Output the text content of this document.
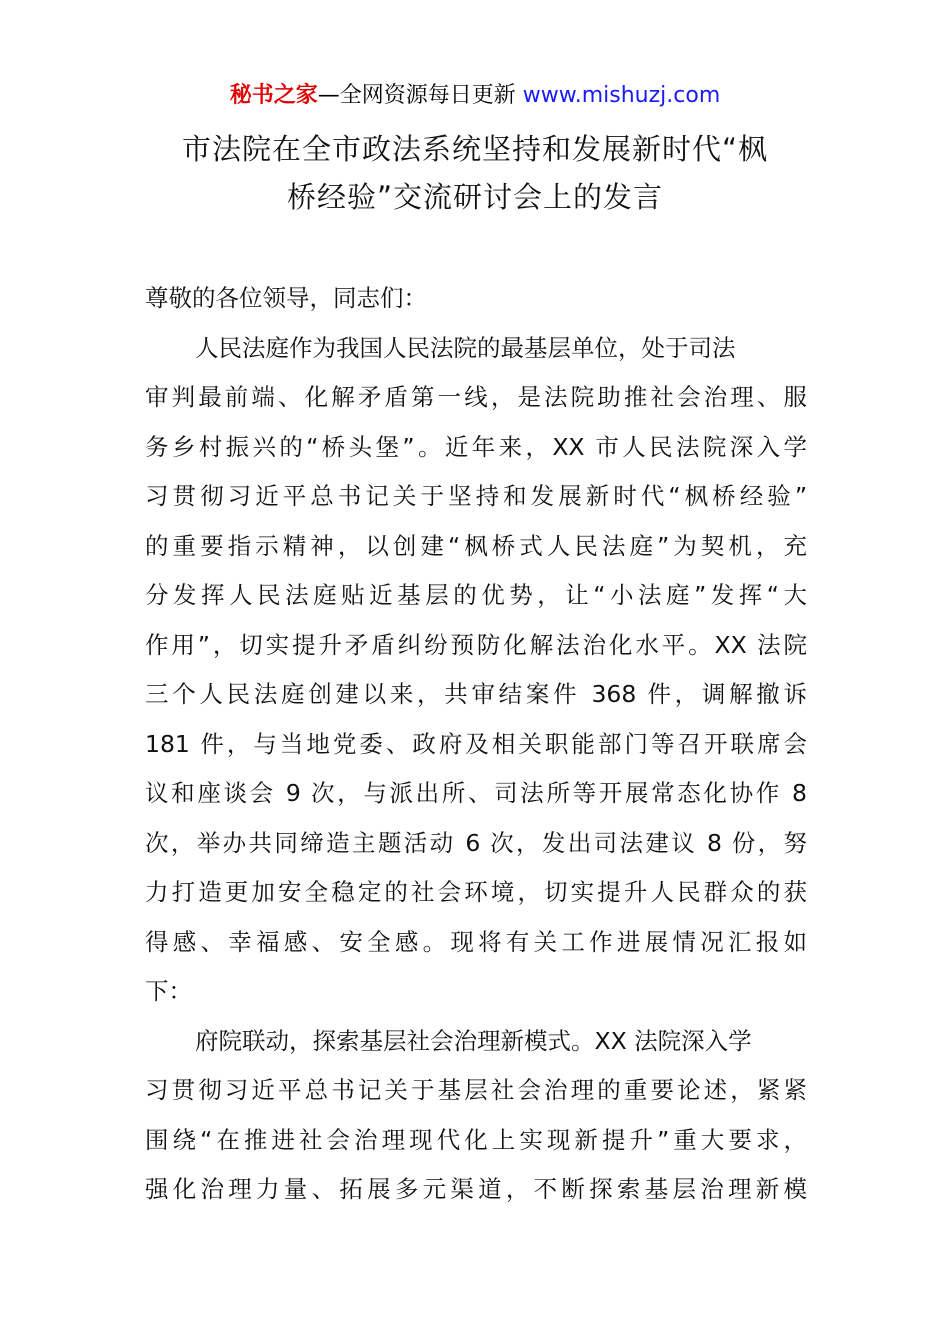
秘书之家—全网资源每日更新 www.mishuzj.com
市法院在全市政法系统坚持和发展新时代“枫
桥经验”交流研讨会上的发言
尊敬的各位领导，同志们：
人民法庭作为我国人民法院的最基层单位，处于司法
审判最前端、化解矛盾第一线，是法院助推社会治理、服
务乡村振兴的“桥头堡”。近年来，XX 市人民法院深入学
习贯彻习近平总书记关于坚持和发展新时代“枫桥经验”
的重要指示精神，以创建“枫桥式人民法庭”为契机，充
分发挥人民法庭贴近基层的优势，让“小法庭”发挥“大
作用”，切实提升矛盾纠纷预防化解法治化水平。XX 法院
三个人民法庭创建以来，共审结案件 368 件，调解撤诉
181 件，与当地党委、政府及相关职能部门等召开联席会
议和座谈会 9 次，与派出所、司法所等开展常态化协作 8
次，举办共同缔造主题活动 6 次，发出司法建议 8 份，努
力打造更加安全稳定的社会环境，切实提升人民群众的获
得感、幸福感、安全感。现将有关工作进展情况汇报如
下：
府院联动，探索基层社会治理新模式。XX 法院深入学
习贯彻习近平总书记关于基层社会治理的重要论述，紧紧
围绕“在推进社会治理现代化上实现新提升”重大要求，
强化治理力量、拓展多元渠道，不断探索基层治理新模
